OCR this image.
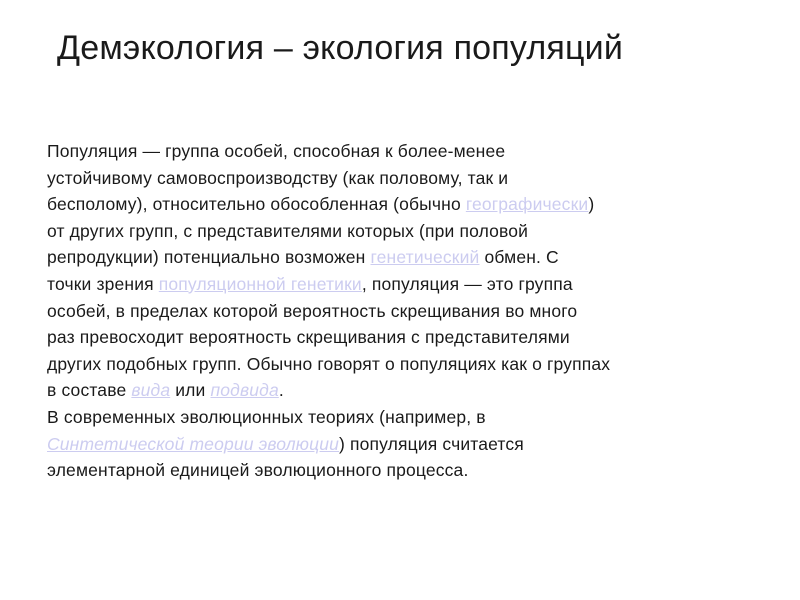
Демэкология – экология популяций
Популяция — группа особей, способная к более-менее
устойчивому самовоспроизводству (как половому, так и
бесполому), относительно обособленная (обычно географически)
от других групп, с представителями которых (при половой
репродукции) потенциально возможен генетический обмен. С
точки зрения популяционной генетики, популяция — это группа
особей, в пределах которой вероятность скрещивания во много
раз превосходит вероятность скрещивания с представителями
других подобных групп. Обычно говорят о популяциях как о группах
в составе вида или подвида.
В современных эволюционных теориях (например, в
Синтетической теории эволюции) популяция считается
элементарной единицей эволюционного процесса.
